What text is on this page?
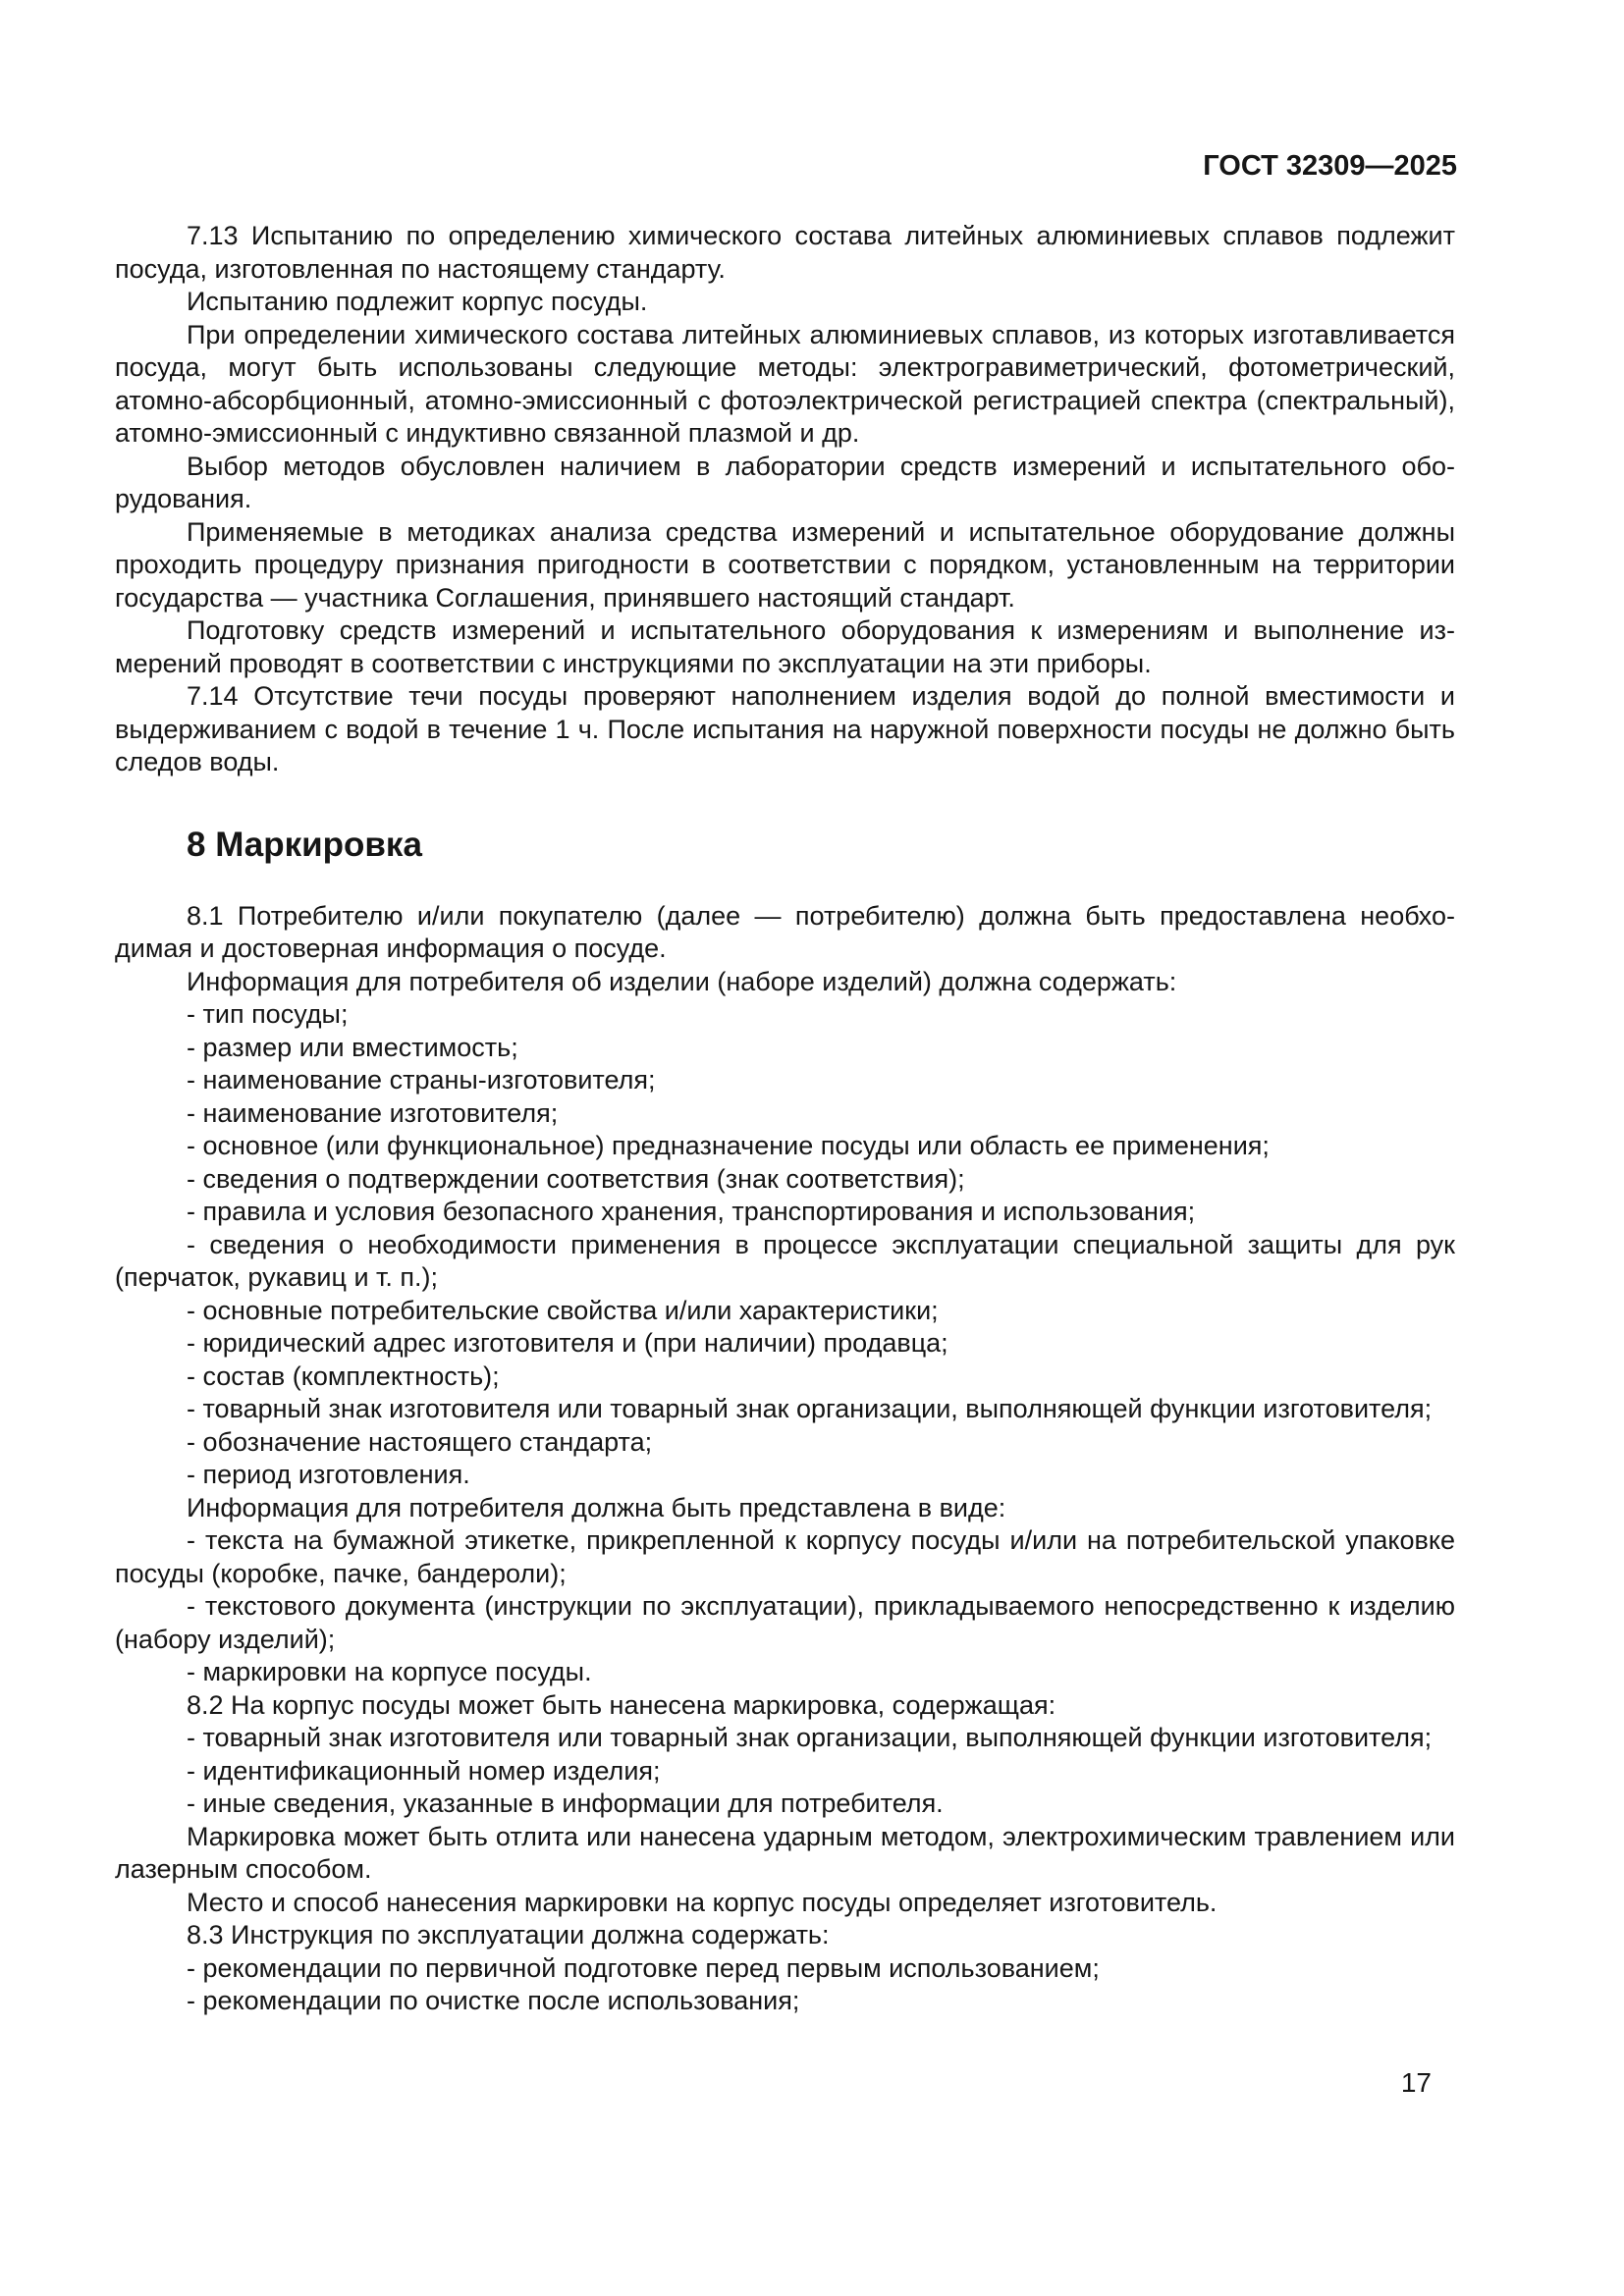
ГОСТ 32309—2025

7.13 Испытанию по определению химического состава литейных алюминиевых сплавов подлежит посуда, изготовленная по настоящему стандарту.

Испытанию подлежит корпус посуды.

При определении химического состава литейных алюминиевых сплавов, из которых изготавливается посуда, могут быть использованы следующие методы: электрогравиметрический, фотометрический, атомно-абсорбционный, атомно-эмиссионный с фотоэлектрической регистрацией спектра (спектральный), атомно-эмиссионный с индуктивно связанной плазмой и др.

Выбор методов обусловлен наличием в лаборатории средств измерений и испытательного оборудования.

Применяемые в методиках анализа средства измерений и испытательное оборудование должны проходить процедуру признания пригодности в соответствии с порядком, установленным на территории государства — участника Соглашения, принявшего настоящий стандарт.

Подготовку средств измерений и испытательного оборудования к измерениям и выполнение измерений проводят в соответствии с инструкциями по эксплуатации на эти приборы.

7.14 Отсутствие течи посуды проверяют наполнением изделия водой до полной вместимости и выдерживанием с водой в течение 1 ч. После испытания на наружной поверхности посуды не должно быть следов воды.

8 Маркировка

8.1 Потребителю и/или покупателю (далее — потребителю) должна быть предоставлена необходимая и достоверная информация о посуде.

Информация для потребителя об изделии (наборе изделий) должна содержать:

- тип посуды;

- размер или вместимость;

- наименование страны-изготовителя;

- наименование изготовителя;

- основное (или функциональное) предназначение посуды или область ее применения;

- сведения о подтверждении соответствия (знак соответствия);

- правила и условия безопасного хранения, транспортирования и использования;

- сведения о необходимости применения в процессе эксплуатации специальной защиты для рук (перчаток, рукавиц и т. п.);

- основные потребительские свойства и/или характеристики;

- юридический адрес изготовителя и (при наличии) продавца;

- состав (комплектность);

- товарный знак изготовителя или товарный знак организации, выполняющей функции изготовителя;

- обозначение настоящего стандарта;

- период изготовления.

Информация для потребителя должна быть представлена в виде:

- текста на бумажной этикетке, прикрепленной к корпусу посуды и/или на потребительской упаковке посуды (коробке, пачке, бандероли);

- текстового документа (инструкции по эксплуатации), прикладываемого непосредственно к изделию (набору изделий);

- маркировки на корпусе посуды.

8.2 На корпус посуды может быть нанесена маркировка, содержащая:

- товарный знак изготовителя или товарный знак организации, выполняющей функции изготовителя;

- идентификационный номер изделия;

- иные сведения, указанные в информации для потребителя.

Маркировка может быть отлита или нанесена ударным методом, электрохимическим травлением или лазерным способом.

Место и способ нанесения маркировки на корпус посуды определяет изготовитель.

8.3 Инструкция по эксплуатации должна содержать:

- рекомендации по первичной подготовке перед первым использованием;

- рекомендации по очистке после использования;

17
